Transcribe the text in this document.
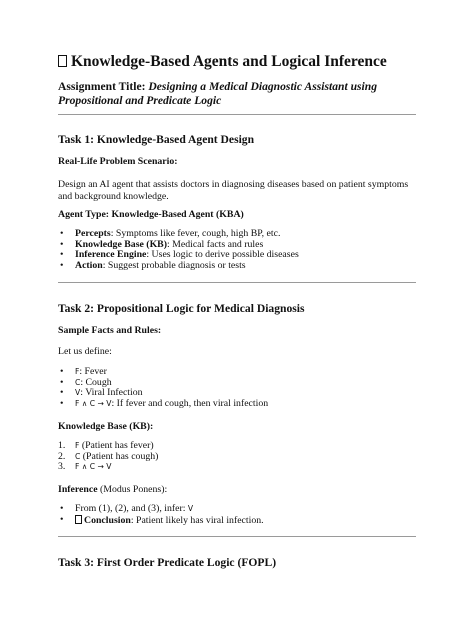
Knowledge-Based Agents and Logical Inference
Assignment Title: Designing a Medical Diagnostic Assistant using Propositional and Predicate Logic
Task 1: Knowledge-Based Agent Design
Real-Life Problem Scenario:
Design an AI agent that assists doctors in diagnosing diseases based on patient symptoms and background knowledge.
Agent Type: Knowledge-Based Agent (KBA)
• Percepts: Symptoms like fever, cough, high BP, etc.
• Knowledge Base (KB): Medical facts and rules
• Inference Engine: Uses logic to derive possible diseases
• Action: Suggest probable diagnosis or tests
Task 2: Propositional Logic for Medical Diagnosis
Sample Facts and Rules:
Let us define:
• F: Fever
• C: Cough
• V: Viral Infection
• F ∧ C → V: If fever and cough, then viral infection
Knowledge Base (KB):
1. F (Patient has fever)
2. C (Patient has cough)
3. F ∧ C → V
Inference (Modus Ponens):
• From (1), (2), and (3), infer: V
• Conclusion: Patient likely has viral infection.
Task 3: First Order Predicate Logic (FOPL)
